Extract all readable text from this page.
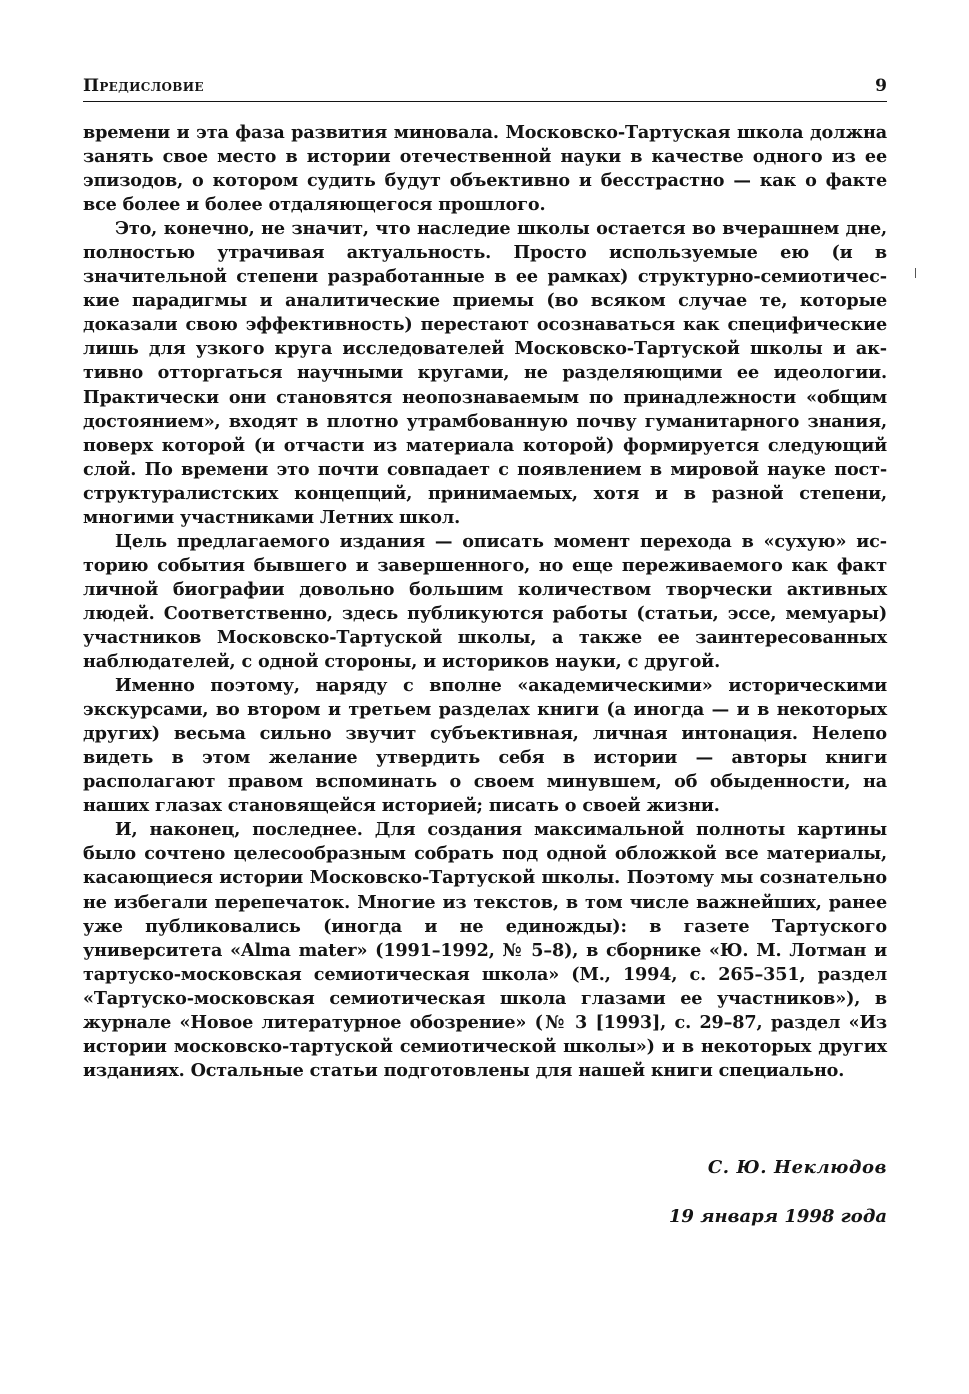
Предисловие	9

времени и эта фаза развития миновала. Московско-Тартуская школа должна занять свое место в истории отечественной науки в качестве одного из ее эпизодов, о котором судить будут объективно и бесстрастно — как о факте все более и более отдаляющегося прошлого.

Это, конечно, не значит, что наследие школы остается во вчерашнем дне, полностью утрачивая актуальность. Просто используемые ею (и в значительной степени разработанные в ее рамках) структурно-семиотические парадигмы и аналитические приемы (во всяком случае те, которые доказали свою эффективность) перестают осознаваться как специфические лишь для узкого круга исследователей Московско-Тартуской школы и активно отторгаться научными кругами, не разделяющими ее идеологии. Практически они становятся неопознаваемым по принадлежности «общим достоянием», входят в плотно утрамбованную почву гуманитарного знания, поверх которой (и отчасти из материала которой) формируется следующий слой. По времени это почти совпадает с появлением в мировой науке пост-структуралистских концепций, принимаемых, хотя и в разной степени, многими участниками Летних школ.

Цель предлагаемого издания — описать момент перехода в «сухую» историю события бывшего и завершенного, но еще переживаемого как факт личной биографии довольно большим количеством творчески активных людей. Соответственно, здесь публикуются работы (статьи, эссе, мемуары) участников Московско-Тартуской школы, а также ее заинтересованных наблюдателей, с одной стороны, и историков науки, с другой.

Именно поэтому, наряду с вполне «академическими» историческими экскурсами, во втором и третьем разделах книги (а иногда — и в некоторых других) весьма сильно звучит субъективная, личная интонация. Нелепо видеть в этом желание утвердить себя в истории — авторы книги располагают правом вспоминать о своем минувшем, об обыденности, на наших глазах становящейся историей; писать о своей жизни.

И, наконец, последнее. Для создания максимальной полноты картины было сочтено целесообразным собрать под одной обложкой все материалы, касающиеся истории Московско-Тартуской школы. Поэтому мы сознательно не избегали перепечаток. Многие из текстов, в том числе важнейших, ранее уже публиковались (иногда и не единожды): в газете Тартуского университета «Alma mater» (1991–1992, № 5–8), в сборнике «Ю. М. Лотман и тартуско-московская семиотическая школа» (М., 1994, с. 265–351, раздел «Тартуско-московская семиотическая школа глазами ее участников»), в журнале «Новое литературное обозрение» (№ 3 [1993], с. 29–87, раздел «Из истории московско-тартуской семиотической школы») и в некоторых других изданиях. Остальные статьи подготовлены для нашей книги специально.

С. Ю. Неклюдов
19 января 1998 года
